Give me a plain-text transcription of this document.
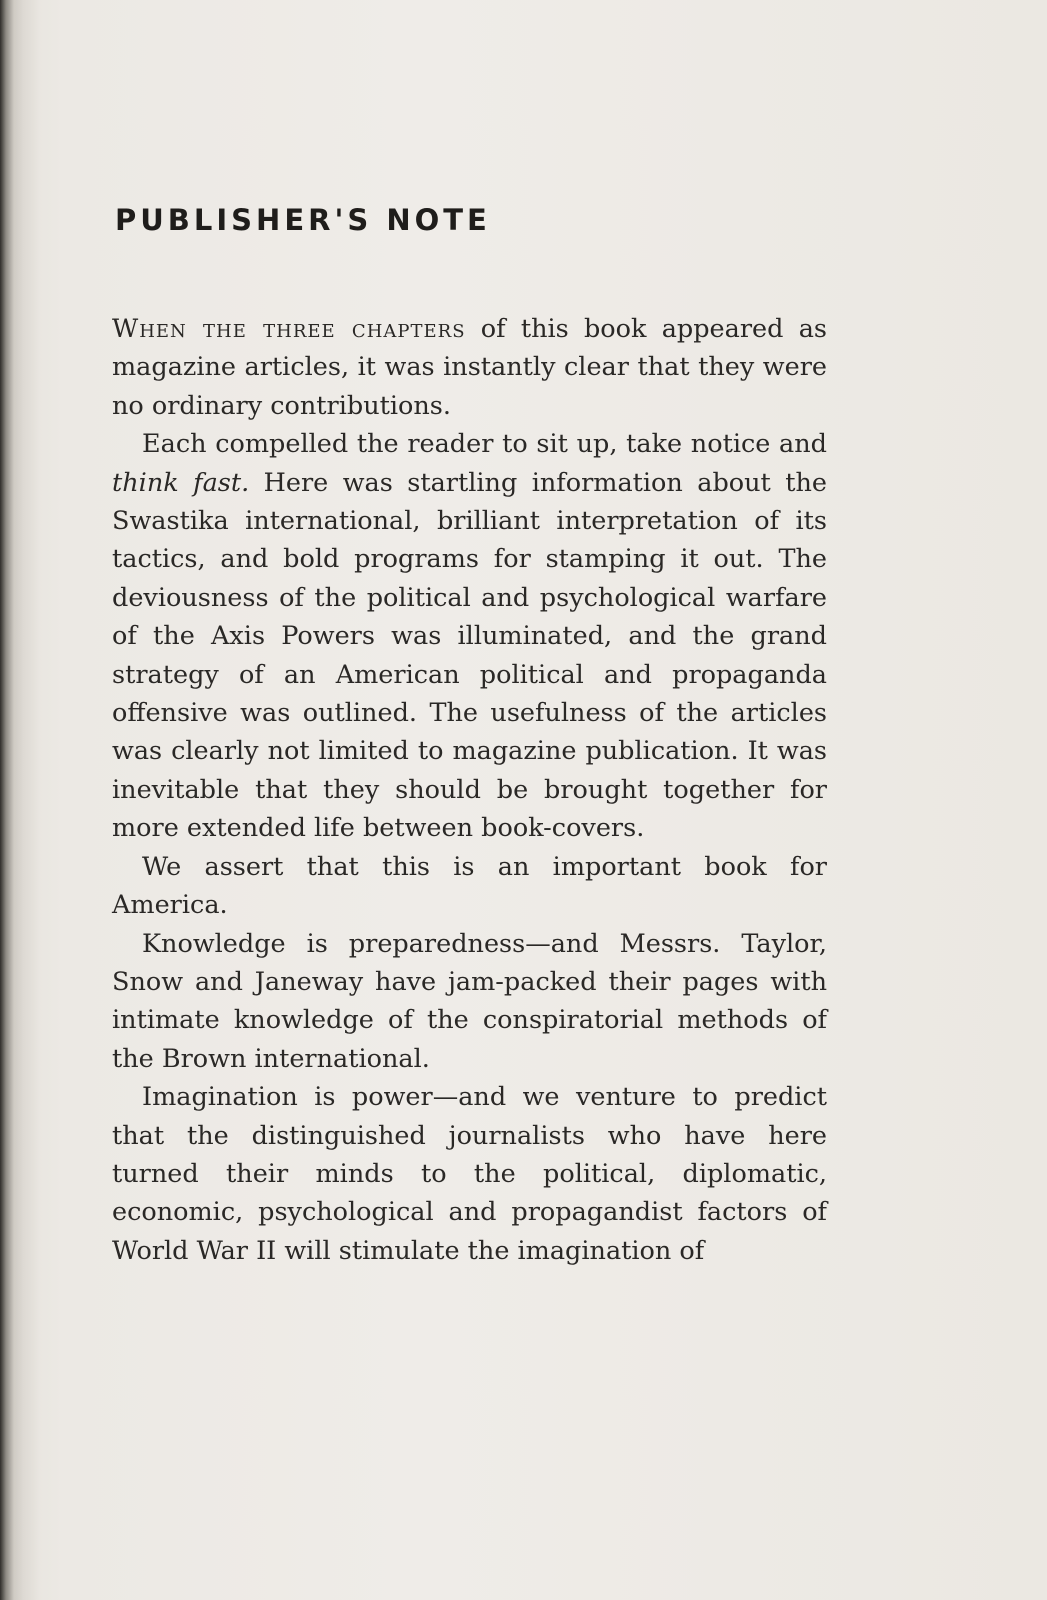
PUBLISHER'S NOTE

When the three chapters of this book appeared as magazine articles, it was instantly clear that they were no ordinary contributions.

Each compelled the reader to sit up, take notice and think fast. Here was startling information about the Swastika international, brilliant interpretation of its tactics, and bold programs for stamping it out. The deviousness of the political and psychological warfare of the Axis Powers was illuminated, and the grand strategy of an American political and propaganda offensive was outlined. The usefulness of the articles was clearly not limited to magazine publication. It was inevitable that they should be brought together for more extended life between book-covers.

We assert that this is an important book for America.

Knowledge is preparedness—and Messrs. Taylor, Snow and Janeway have jam-packed their pages with intimate knowledge of the conspiratorial methods of the Brown international.

Imagination is power—and we venture to predict that the distinguished journalists who have here turned their minds to the political, diplomatic, economic, psychological and propagandist factors of World War II will stimulate the imagination of
